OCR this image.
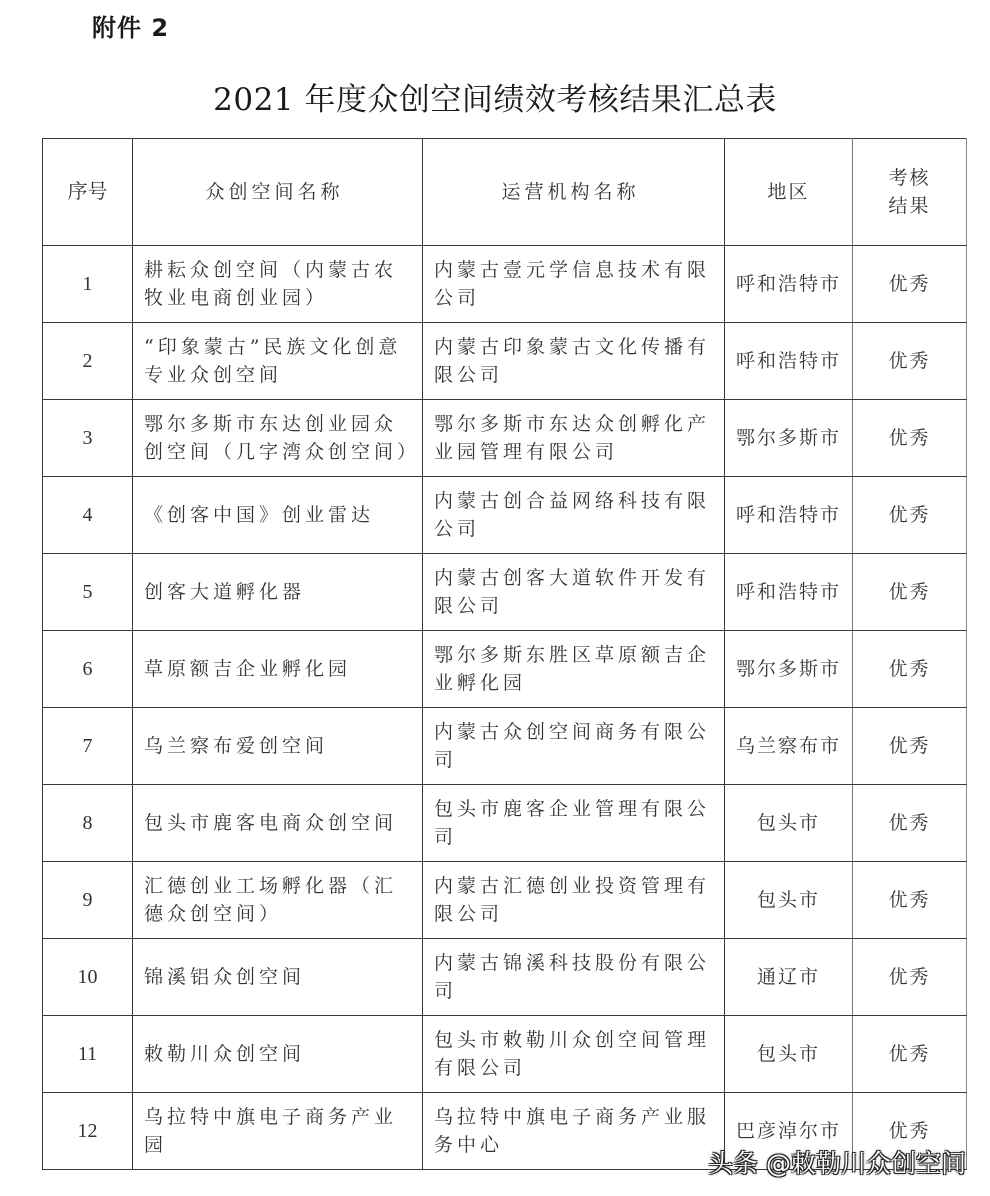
附件 2
2021 年度众创空间绩效考核结果汇总表
序号	众创空间名称	运营机构名称	地区	考核
结果

1	耕耘众创空间（内蒙古农牧业电商创业园）	内蒙古壹元学信息技术有限公司	呼和浩特市	优秀
2	“印象蒙古”民族文化创意专业众创空间	内蒙古印象蒙古文化传播有限公司	呼和浩特市	优秀
3	鄂尔多斯市东达创业园众创空间（几字湾众创空间）	鄂尔多斯市东达众创孵化产业园管理有限公司	鄂尔多斯市	优秀
4	《创客中国》创业雷达	内蒙古创合益网络科技有限公司	呼和浩特市	优秀
5	创客大道孵化器	内蒙古创客大道软件开发有限公司	呼和浩特市	优秀
6	草原额吉企业孵化园	鄂尔多斯东胜区草原额吉企业孵化园	鄂尔多斯市	优秀
7	乌兰察布爱创空间	内蒙古众创空间商务有限公司	乌兰察布市	优秀
8	包头市鹿客电商众创空间	包头市鹿客企业管理有限公司	包头市	优秀
9	汇德创业工场孵化器（汇德众创空间）	内蒙古汇德创业投资管理有限公司	包头市	优秀
10	锦溪铝众创空间	内蒙古锦溪科技股份有限公司	通辽市	优秀
11	敕勒川众创空间	包头市敕勒川众创空间管理有限公司	包头市	优秀
12	乌拉特中旗电子商务产业园	乌拉特中旗电子商务产业服务中心	巴彦淖尔市	优秀
头条 @敕勒川众创空间
